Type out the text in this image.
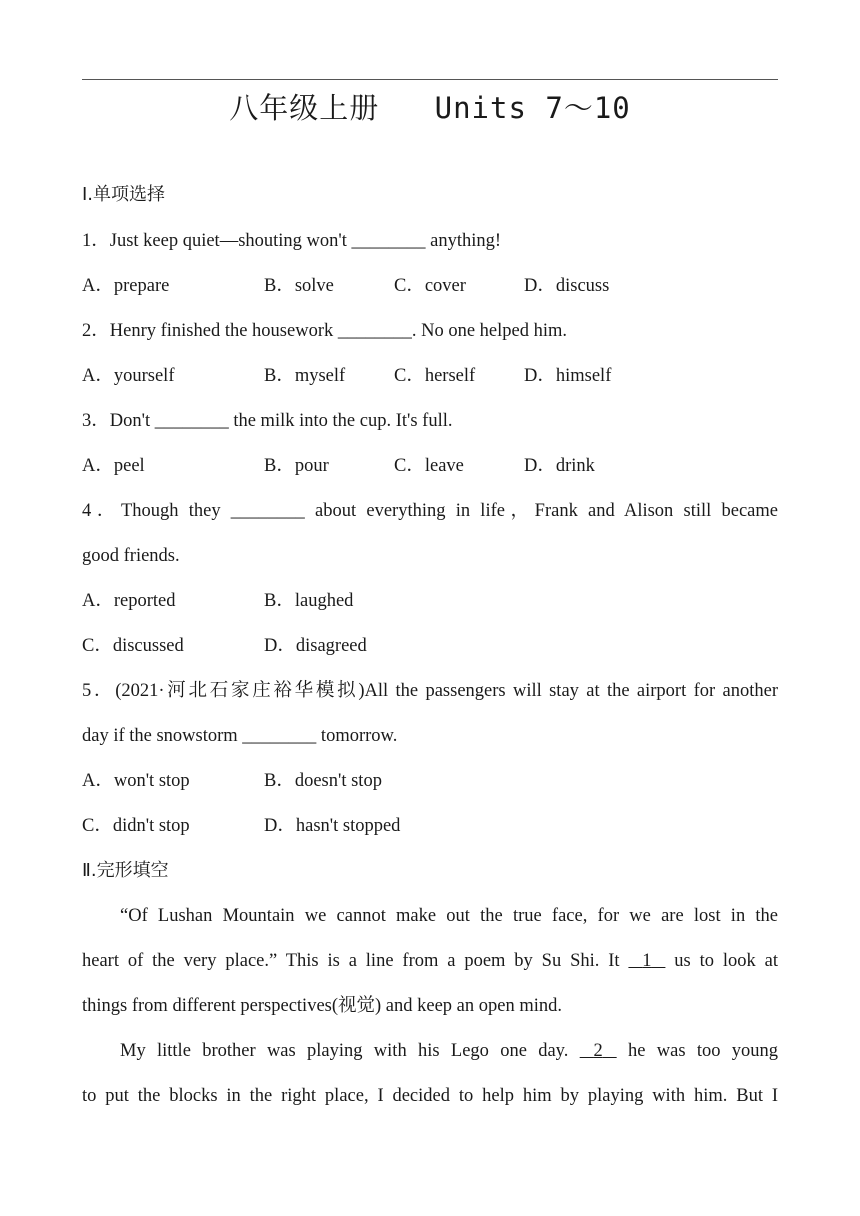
八年级上册 Units 7～10
Ⅰ.单项选择
1．Just keep quiet—shouting won't ________ anything!
A．prepare	B．solve	C．cover	D．discuss
2．Henry finished the housework ________. No one helped him.
A．yourself	B．myself	C．herself	D．himself
3．Don't ________ the milk into the cup. It's full.
A．peel	B．pour	C．leave	D．drink
4．Though they ________ about everything in life，Frank and Alison still became
good friends.
A．reported	B．laughed
C．discussed	D．disagreed
5．(2021·河北石家庄裕华模拟)All the passengers will stay at the airport for another
day if the snowstorm ________ tomorrow.
A．won't stop	B．doesn't stop
C．didn't stop	D．hasn't stopped
Ⅱ.完形填空
“Of Lushan Mountain we cannot make out the true face, for we are lost in the
heart of the very place.” This is a line from a poem by Su Shi. It 1 us to look at
things from different perspectives(视觉) and keep an open mind.
My little brother was playing with his Lego one day. 2 he was too young
to put the blocks in the right place, I decided to help him by playing with him. But I
